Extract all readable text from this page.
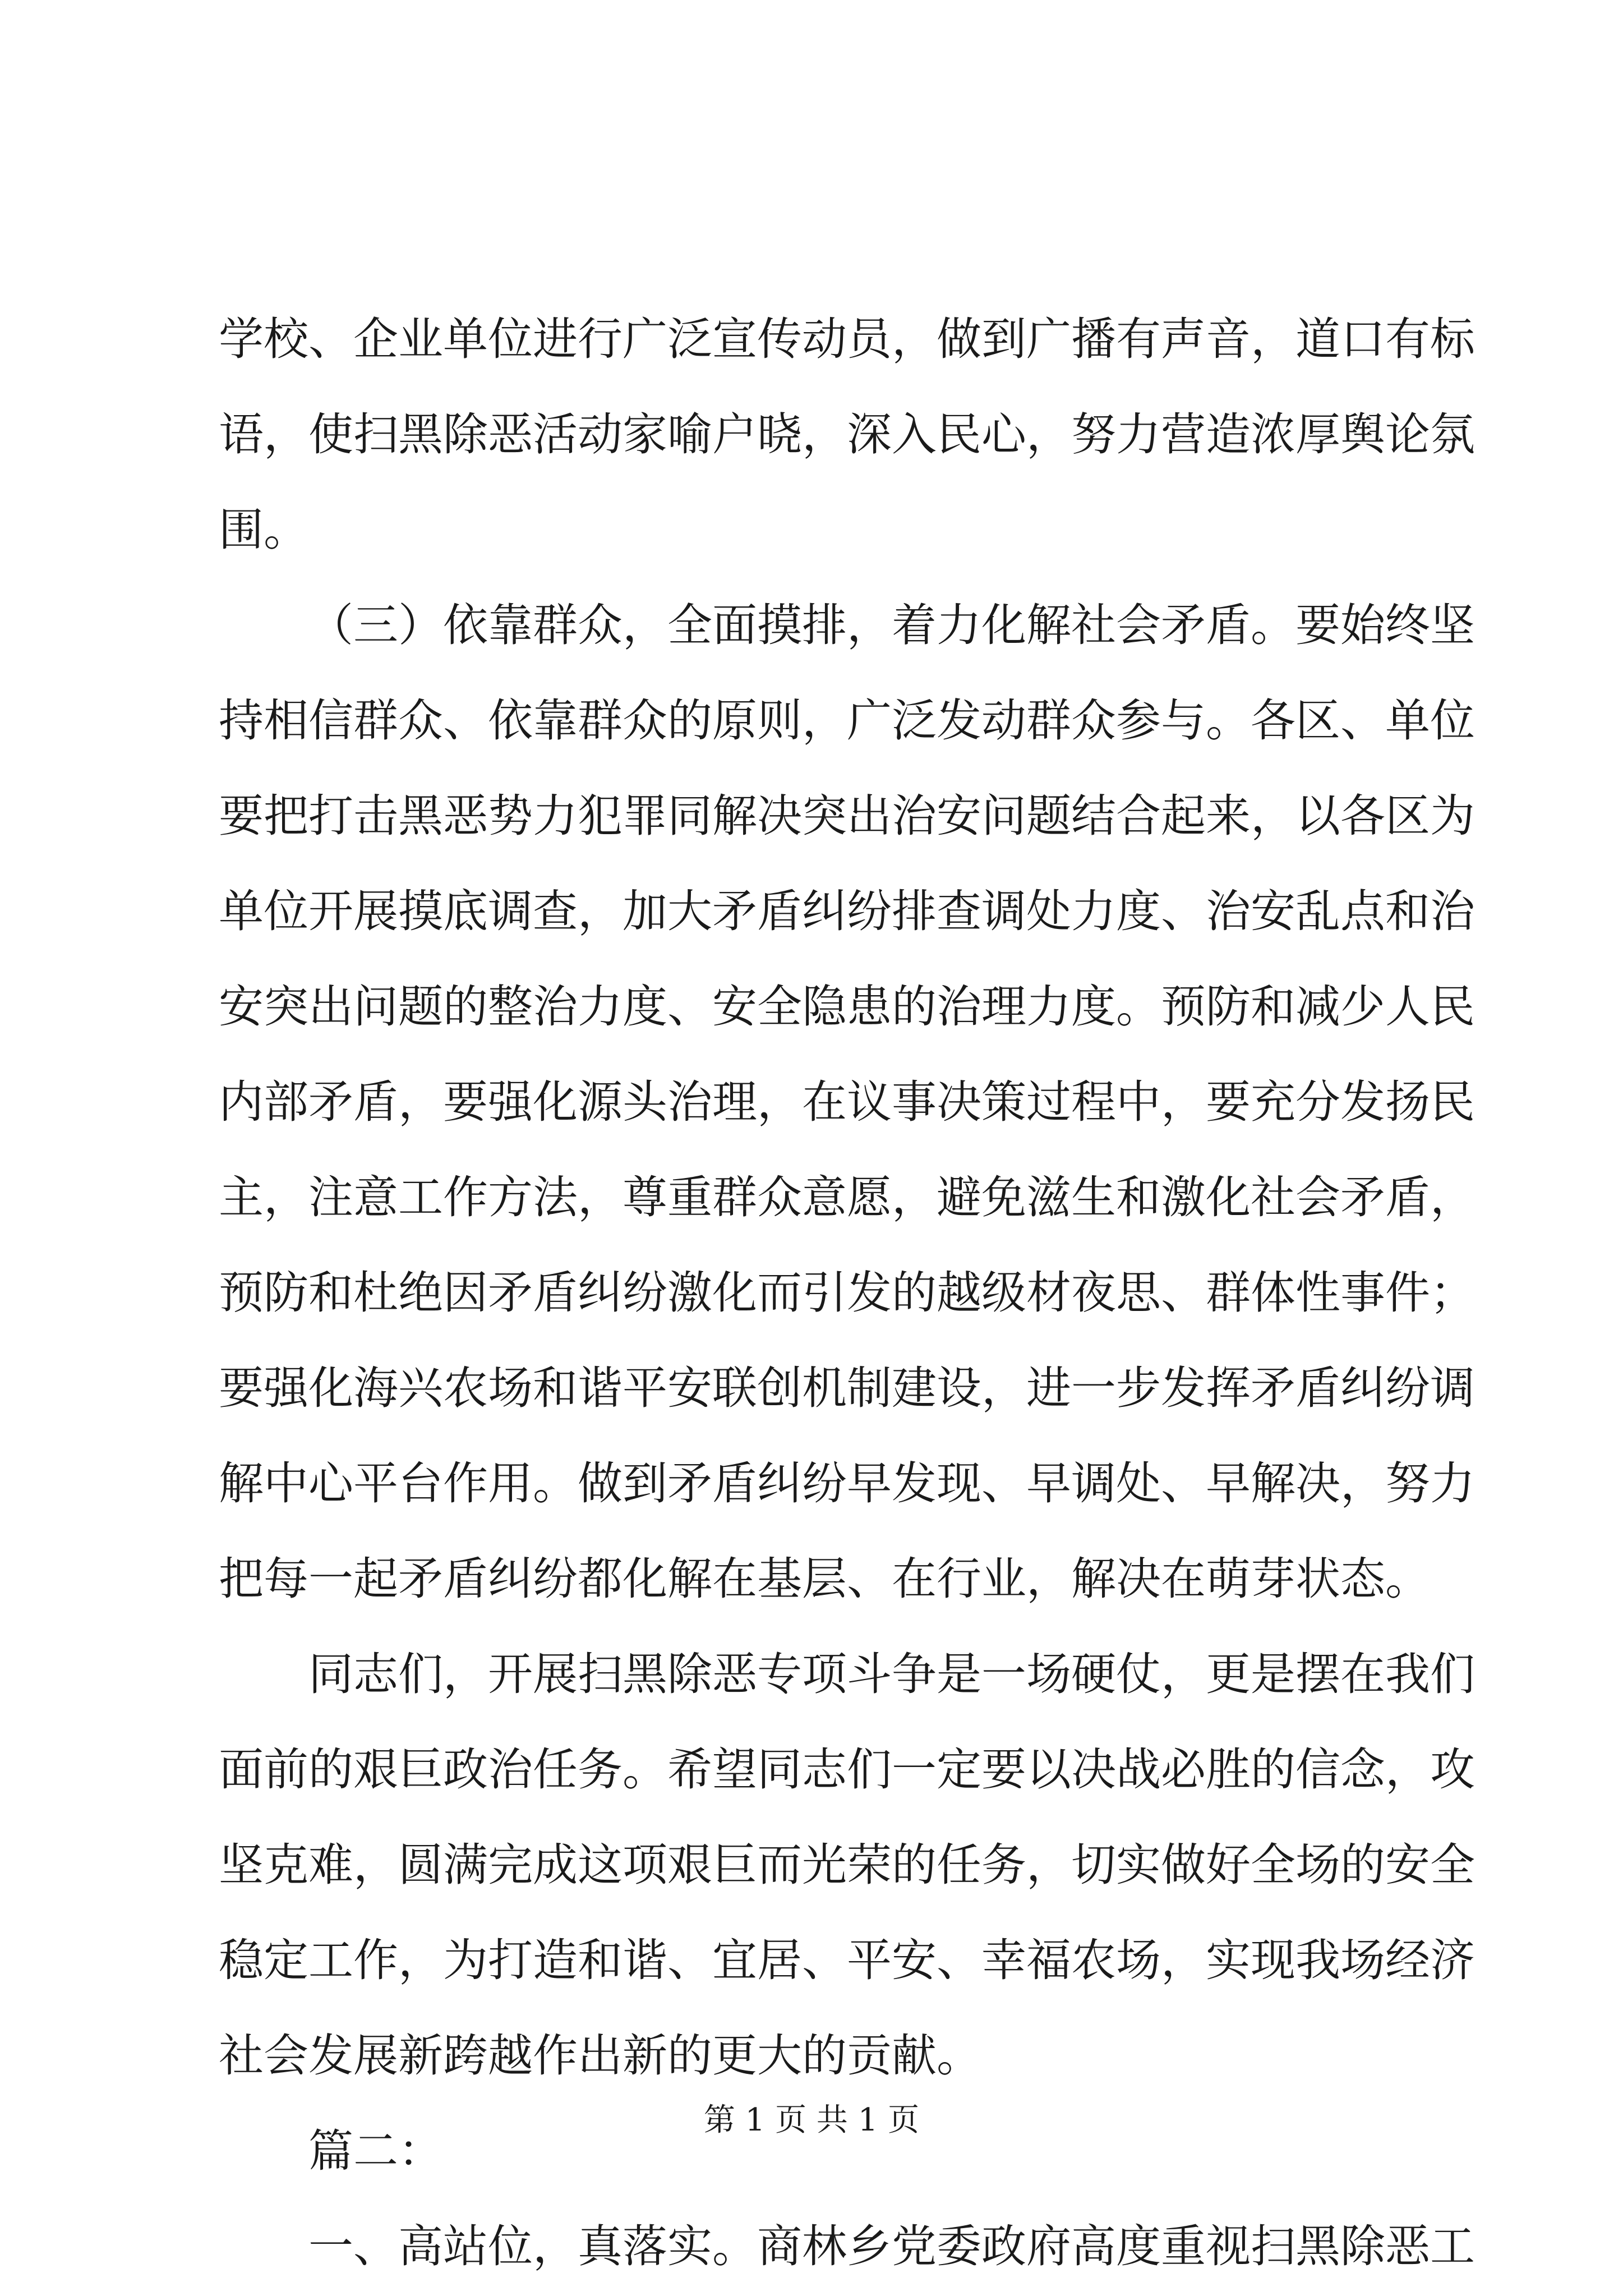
学校、企业单位进行广泛宣传动员，做到广播有声音，道口有标
语，使扫黑除恶活动家喻户晓，深入民心，努力营造浓厚舆论氛
围。
（三）依靠群众，全面摸排，着力化解社会矛盾。要始终坚
持相信群众、依靠群众的原则，广泛发动群众参与。各区、单位
要把打击黑恶势力犯罪同解决突出治安问题结合起来，以各区为
单位开展摸底调查，加大矛盾纠纷排查调处力度、治安乱点和治
安突出问题的整治力度、安全隐患的治理力度。预防和减少人民
内部矛盾，要强化源头治理，在议事决策过程中，要充分发扬民
主，注意工作方法，尊重群众意愿，避免滋生和激化社会矛盾，
预防和杜绝因矛盾纠纷激化而引发的越级材夜思、群体性事件；
要强化海兴农场和谐平安联创机制建设，进一步发挥矛盾纠纷调
解中心平台作用。做到矛盾纠纷早发现、早调处、早解决，努力
把每一起矛盾纠纷都化解在基层、在行业，解决在萌芽状态。
同志们，开展扫黑除恶专项斗争是一场硬仗，更是摆在我们
面前的艰巨政治任务。希望同志们一定要以决战必胜的信念，攻
坚克难，圆满完成这项艰巨而光荣的任务，切实做好全场的安全
稳定工作，为打造和谐、宜居、平安、幸福农场，实现我场经济
社会发展新跨越作出新的更大的贡献。
篇二：
一、高站位，真落实。商林乡党委政府高度重视扫黑除恶工
第 1 页 共 1 页
